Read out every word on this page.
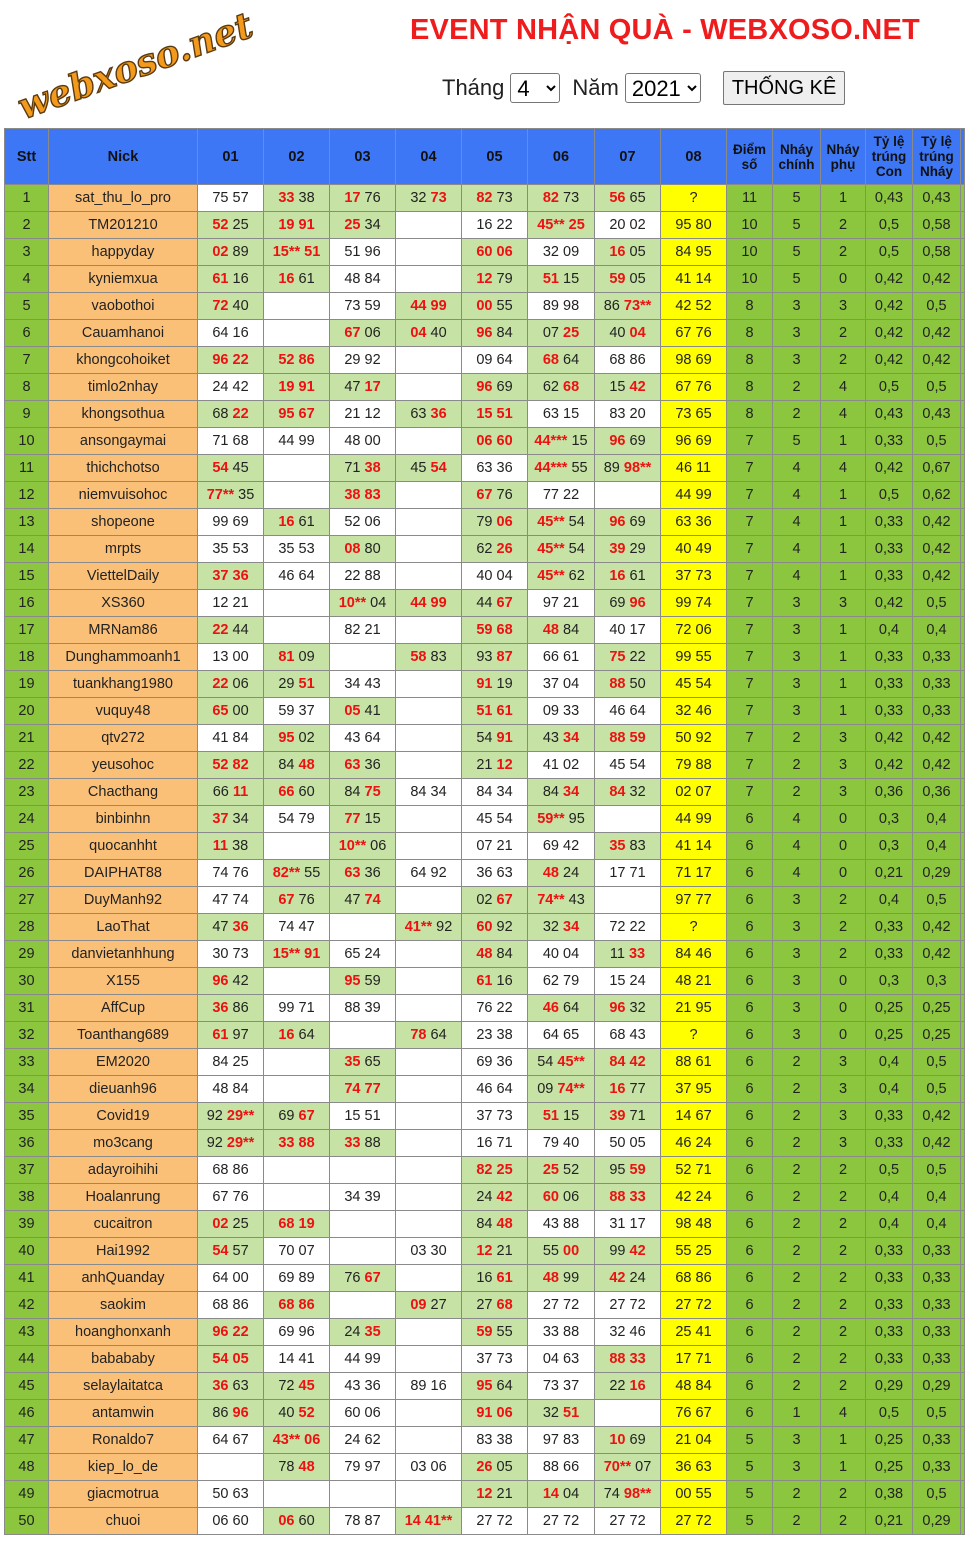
webxoso.net	EVENT NHẬN QUÀ - WEBXOSO.NET
Tháng
4	Năm
2021	THỐNG KÊ
Stt	Nick	01	02	03	04	05	06	07	08	Điểm số	Nháy chính	Nháy phụ	Tỷ lệ trúng Con	Tỷ lệ trúng Nháy	
1	sat_thu_lo_pro	75 57	33 38	17 76	32 73	82 73	82 73	56 65	?	11	5	1	0,43	0,43	
2	TM201210	52 25	19 91	25 34		16 22	45** 25	20 02	95 80	10	5	2	0,5	0,58	
3	happyday	02 89	15** 51	51 96		60 06	32 09	16 05	84 95	10	5	2	0,5	0,58	
4	kyniemxua	61 16	16 61	48 84		12 79	51 15	59 05	41 14	10	5	0	0,42	0,42	
5	vaobothoi	72 40		73 59	44 99	00 55	89 98	86 73**	42 52	8	3	3	0,42	0,5	
6	Cauamhanoi	64 16		67 06	04 40	96 84	07 25	40 04	67 76	8	3	2	0,42	0,42	
7	khongcohoiket	96 22	52 86	29 92		09 64	68 64	68 86	98 69	8	3	2	0,42	0,42	
8	timlo2nhay	24 42	19 91	47 17		96 69	62 68	15 42	67 76	8	2	4	0,5	0,5	
9	khongsothua	68 22	95 67	21 12	63 36	15 51	63 15	83 20	73 65	8	2	4	0,43	0,43	
10	ansongaymai	71 68	44 99	48 00		06 60	44*** 15	96 69	96 69	7	5	1	0,33	0,5	
11	thichchotso	54 45		71 38	45 54	63 36	44*** 55	89 98**	46 11	7	4	4	0,42	0,67	
12	niemvuisohoc	77** 35		38 83		67 76	77 22		44 99	7	4	1	0,5	0,62	
13	shopeone	99 69	16 61	52 06		79 06	45** 54	96 69	63 36	7	4	1	0,33	0,42	
14	mrpts	35 53	35 53	08 80		62 26	45** 54	39 29	40 49	7	4	1	0,33	0,42	
15	ViettelDaily	37 36	46 64	22 88		40 04	45** 62	16 61	37 73	7	4	1	0,33	0,42	
16	XS360	12 21		10** 04	44 99	44 67	97 21	69 96	99 74	7	3	3	0,42	0,5	
17	MRNam86	22 44		82 21		59 68	48 84	40 17	72 06	7	3	1	0,4	0,4	
18	Dunghammoanh1	13 00	81 09		58 83	93 87	66 61	75 22	99 55	7	3	1	0,33	0,33	
19	tuankhang1980	22 06	29 51	34 43		91 19	37 04	88 50	45 54	7	3	1	0,33	0,33	
20	vuquy48	65 00	59 37	05 41		51 61	09 33	46 64	32 46	7	3	1	0,33	0,33	
21	qtv272	41 84	95 02	43 64		54 91	43 34	88 59	50 92	7	2	3	0,42	0,42	
22	yeusohoc	52 82	84 48	63 36		21 12	41 02	45 54	79 88	7	2	3	0,42	0,42	
23	Chacthang	66 11	66 60	84 75	84 34	84 34	84 34	84 32	02 07	7	2	3	0,36	0,36	
24	binbinhn	37 34	54 79	77 15		45 54	59** 95		44 99	6	4	0	0,3	0,4	
25	quocanhht	11 38		10** 06		07 21	69 42	35 83	41 14	6	4	0	0,3	0,4	
26	DAIPHAT88	74 76	82** 55	63 36	64 92	36 63	48 24	17 71	71 17	6	4	0	0,21	0,29	
27	DuyManh92	47 74	67 76	47 74		02 67	74** 43		97 77	6	3	2	0,4	0,5	
28	LaoThat	47 36	74 47		41** 92	60 92	32 34	72 22	?	6	3	2	0,33	0,42	
29	danvietanhhung	30 73	15** 91	65 24		48 84	40 04	11 33	84 46	6	3	2	0,33	0,42	
30	X155	96 42		95 59		61 16	62 79	15 24	48 21	6	3	0	0,3	0,3	
31	AffCup	36 86	99 71	88 39		76 22	46 64	96 32	21 95	6	3	0	0,25	0,25	
32	Toanthang689	61 97	16 64		78 64	23 38	64 65	68 43	?	6	3	0	0,25	0,25	
33	EM2020	84 25		35 65		69 36	54 45**	84 42	88 61	6	2	3	0,4	0,5	
34	dieuanh96	48 84		74 77		46 64	09 74**	16 77	37 95	6	2	3	0,4	0,5	
35	Covid19	92 29**	69 67	15 51		37 73	51 15	39 71	14 67	6	2	3	0,33	0,42	
36	mo3cang	92 29**	33 88	33 88		16 71	79 40	50 05	46 24	6	2	3	0,33	0,42	
37	adayroihihi	68 86				82 25	25 52	95 59	52 71	6	2	2	0,5	0,5	
38	Hoalanrung	67 76		34 39		24 42	60 06	88 33	42 24	6	2	2	0,4	0,4	
39	cucaitron	02 25	68 19			84 48	43 88	31 17	98 48	6	2	2	0,4	0,4	
40	Hai1992	54 57	70 07		03 30	12 21	55 00	99 42	55 25	6	2	2	0,33	0,33	
41	anhQuanday	64 00	69 89	76 67		16 61	48 99	42 24	68 86	6	2	2	0,33	0,33	
42	saokim	68 86	68 86		09 27	27 68	27 72	27 72	27 72	6	2	2	0,33	0,33	
43	hoanghonxanh	96 22	69 96	24 35		59 55	33 88	32 46	25 41	6	2	2	0,33	0,33	
44	babababy	54 05	14 41	44 99		37 73	04 63	88 33	17 71	6	2	2	0,33	0,33	
45	selaylaitatca	36 63	72 45	43 36	89 16	95 64	73 37	22 16	48 84	6	2	2	0,29	0,29	
46	antamwin	86 96	40 52	60 06		91 06	32 51		76 67	6	1	4	0,5	0,5	
47	Ronaldo7	64 67	43** 06	24 62		83 38	97 83	10 69	21 04	5	3	1	0,25	0,33	
48	kiep_lo_de		78 48	79 97	03 06	26 05	88 66	70** 07	36 63	5	3	1	0,25	0,33	
49	giacmotrua	50 63				12 21	14 04	74 98**	00 55	5	2	2	0,38	0,5	
50	chuoi	06 60	06 60	78 87	14 41**	27 72	27 72	27 72	27 72	5	2	2	0,21	0,29	
